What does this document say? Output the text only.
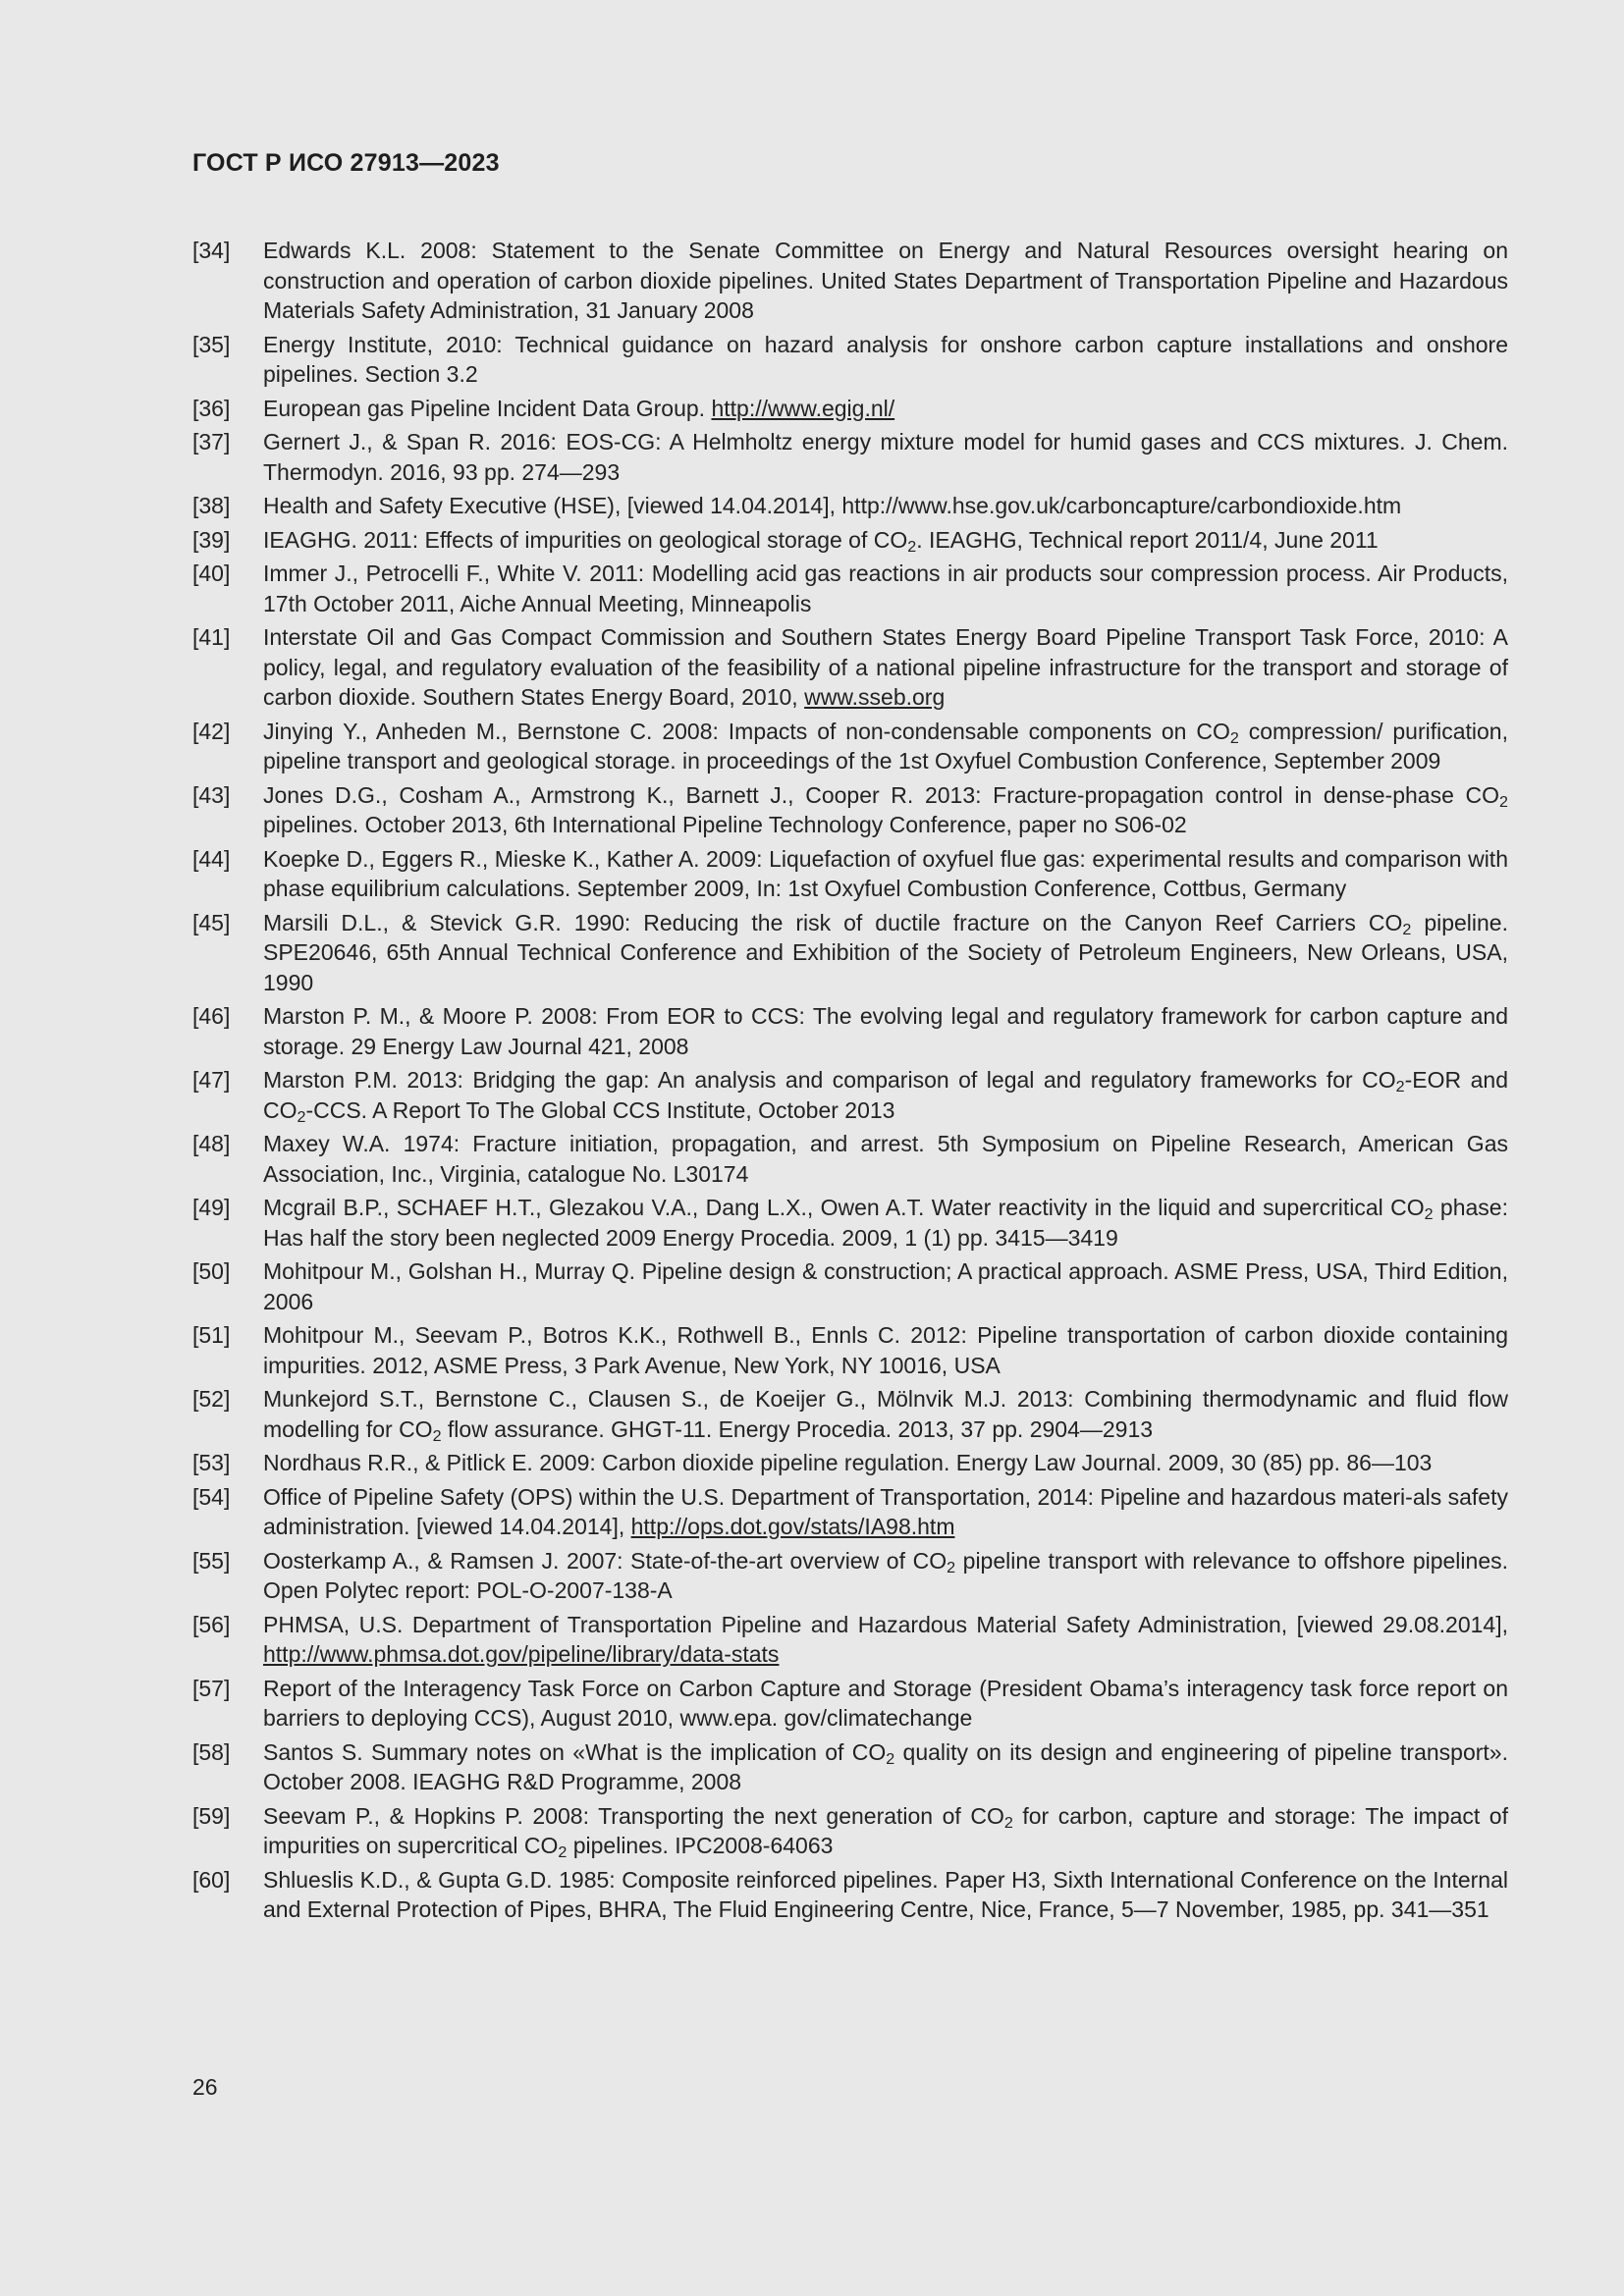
ГОСТ Р ИСО 27913—2023
[34]	Edwards K.L. 2008: Statement to the Senate Committee on Energy and Natural Resources oversight hearing on construction and operation of carbon dioxide pipelines. United States Department of Transportation Pipeline and Hazardous Materials Safety Administration, 31 January 2008
[35]	Energy Institute, 2010: Technical guidance on hazard analysis for onshore carbon capture installations and onshore pipelines. Section 3.2
[36]	European gas Pipeline Incident Data Group. http://www.egig.nl/
[37]	Gernert J., & Span R. 2016: EOS-CG: A Helmholtz energy mixture model for humid gases and CCS mixtures. J. Chem. Thermodyn. 2016, 93 pp. 274—293
[38]	Health and Safety Executive (HSE), [viewed 14.04.2014], http://www.hse.gov.uk/carboncapture/carbondioxide.htm
[39]	IEAGHG. 2011: Effects of impurities on geological storage of $CO_2$. IEAGHG, Technical report 2011/4, June 2011
[40]	Immer J., Petrocelli F., White V. 2011: Modelling acid gas reactions in air products sour compression process. Air Products, 17th October 2011, Aiche Annual Meeting, Minneapolis
[41]	Interstate Oil and Gas Compact Commission and Southern States Energy Board Pipeline Transport Task Force, 2010: A policy, legal, and regulatory evaluation of the feasibility of a national pipeline infrastructure for the transport and storage of carbon dioxide. Southern States Energy Board, 2010, www.sseb.org
[42]	Jinying Y., Anheden M., Bernstone C. 2008: Impacts of non-condensable components on $CO_2$ compression/ purification, pipeline transport and geological storage. in proceedings of the 1st Oxyfuel Combustion Conference, September 2009
[43]	Jones D.G., Cosham A., Armstrong K., Barnett J., Cooper R. 2013: Fracture-propagation control in dense-phase $CO_2$ pipelines. October 2013, 6th International Pipeline Technology Conference, paper no S06-02
[44]	Koepke D., Eggers R., Mieske K., Kather A. 2009: Liquefaction of oxyfuel flue gas: experimental results and comparison with phase equilibrium calculations. September 2009, In: 1st Oxyfuel Combustion Conference, Cottbus, Germany
[45]	Marsili D.L., & Stevick G.R. 1990: Reducing the risk of ductile fracture on the Canyon Reef Carriers $CO_2$ pipeline. SPE20646, 65th Annual Technical Conference and Exhibition of the Society of Petroleum Engineers, New Orleans, USA, 1990
[46]	Marston P. M., & Moore P. 2008: From EOR to CCS: The evolving legal and regulatory framework for carbon capture and storage. 29 Energy Law Journal 421, 2008
[47]	Marston P.M. 2013: Bridging the gap: An analysis and comparison of legal and regulatory frameworks for $CO_2$-EOR and $CO_2$-CCS. A Report To The Global CCS Institute, October 2013
[48]	Maxey W.A. 1974: Fracture initiation, propagation, and arrest. 5th Symposium on Pipeline Research, American Gas Association, Inc., Virginia, catalogue No. L30174
[49]	Mcgrail B.P., SCHAEF H.T., Glezakou V.A., Dang L.X., Owen A.T. Water reactivity in the liquid and supercritical $CO_2$ phase: Has half the story been neglected 2009 Energy Procedia. 2009, 1 (1) pp. 3415—3419
[50]	Mohitpour M., Golshan H., Murray Q. Pipeline design & construction; A practical approach. ASME Press, USA, Third Edition, 2006
[51]	Mohitpour M., Seevam P., Botros K.K., Rothwell B., Ennls C. 2012: Pipeline transportation of carbon dioxide containing impurities. 2012, ASME Press, 3 Park Avenue, New York, NY 10016, USA
[52]	Munkejord S.T., Bernstone C., Clausen S., de Koeijer G., Mölnvik M.J. 2013: Combining thermodynamic and fluid flow modelling for $CO_2$ flow assurance. GHGT-11. Energy Procedia. 2013, 37 pp. 2904—2913
[53]	Nordhaus R.R., & Pitlick E. 2009: Carbon dioxide pipeline regulation. Energy Law Journal. 2009, 30 (85) pp. 86—103
[54]	Office of Pipeline Safety (OPS) within the U.S. Department of Transportation, 2014: Pipeline and hazardous materi-als safety administration. [viewed 14.04.2014], http://ops.dot.gov/stats/IA98.htm
[55]	Oosterkamp A., & Ramsen J. 2007: State-of-the-art overview of $CO_2$ pipeline transport with relevance to offshore pipelines. Open Polytec report: POL-O-2007-138-A
[56]	PHMSA, U.S. Department of Transportation Pipeline and Hazardous Material Safety Administration, [viewed 29.08.2014], http://www.phmsa.dot.gov/pipeline/library/data-stats
[57]	Report of the Interagency Task Force on Carbon Capture and Storage (President Obama’s interagency task force report on barriers to deploying CCS), August 2010, www.epa. gov/climatechange
[58]	Santos S. Summary notes on «What is the implication of $CO_2$ quality on its design and engineering of pipeline transport». October 2008. IEAGHG R&D Programme, 2008
[59]	Seevam P., & Hopkins P. 2008: Transporting the next generation of $CO_2$ for carbon, capture and storage: The impact of impurities on supercritical $CO_2$ pipelines. IPC2008-64063
[60]	Shlueslis K.D., & Gupta G.D. 1985: Composite reinforced pipelines. Paper H3, Sixth International Conference on the Internal and External Protection of Pipes, BHRA, The Fluid Engineering Centre, Nice, France, 5—7 November, 1985, pp. 341—351
26
